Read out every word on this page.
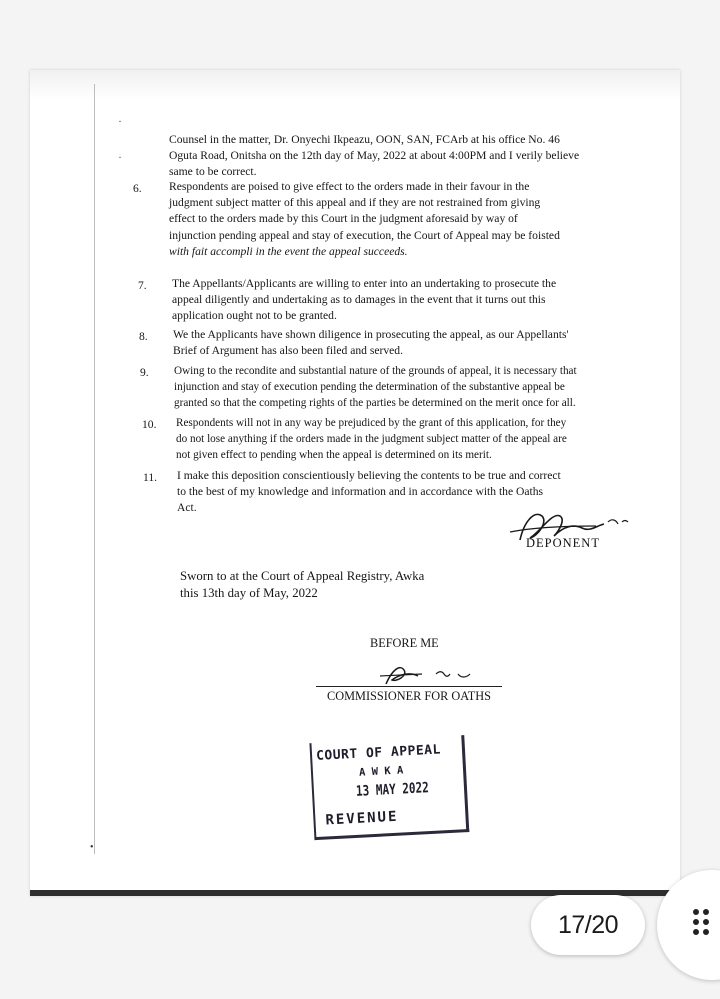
·
·
Counsel in the matter, Dr. Onyechi Ikpeazu, OON, SAN, FCArb at his office No. 46
Oguta Road, Onitsha on the 12th day of May, 2022 at about 4:00PM and I verily believe
same to be correct.
6. Respondents are poised to give effect to the orders made in their favour in the
judgment subject matter of this appeal and if they are not restrained from giving
effect to the orders made by this Court in the judgment aforesaid by way of
injunction pending appeal and stay of execution, the Court of Appeal may be foisted
with fait accompli in the event the appeal succeeds.
7. The Appellants/Applicants are willing to enter into an undertaking to prosecute the
appeal diligently and undertaking as to damages in the event that it turns out this
application ought not to be granted.
8. We the Applicants have shown diligence in prosecuting the appeal, as our Appellants'
Brief of Argument has also been filed and served.
9. Owing to the recondite and substantial nature of the grounds of appeal, it is necessary that
injunction and stay of execution pending the determination of the substantive appeal be
granted so that the competing rights of the parties be determined on the merit once for all.
10. Respondents will not in any way be prejudiced by the grant of this application, for they
do not lose anything if the orders made in the judgment subject matter of the appeal are
not given effect to pending when the appeal is determined on its merit.
11. I make this deposition conscientiously believing the contents to be true and correct
to the best of my knowledge and information and in accordance with the Oaths
Act.
DEPONENT
Sworn to at the Court of Appeal Registry, Awka
this 13th day of May, 2022
BEFORE ME
COMMISSIONER FOR OATHS
COURT OF APPEAL
A W K A
13 MAY 2022
REVENUE
•
17/20
